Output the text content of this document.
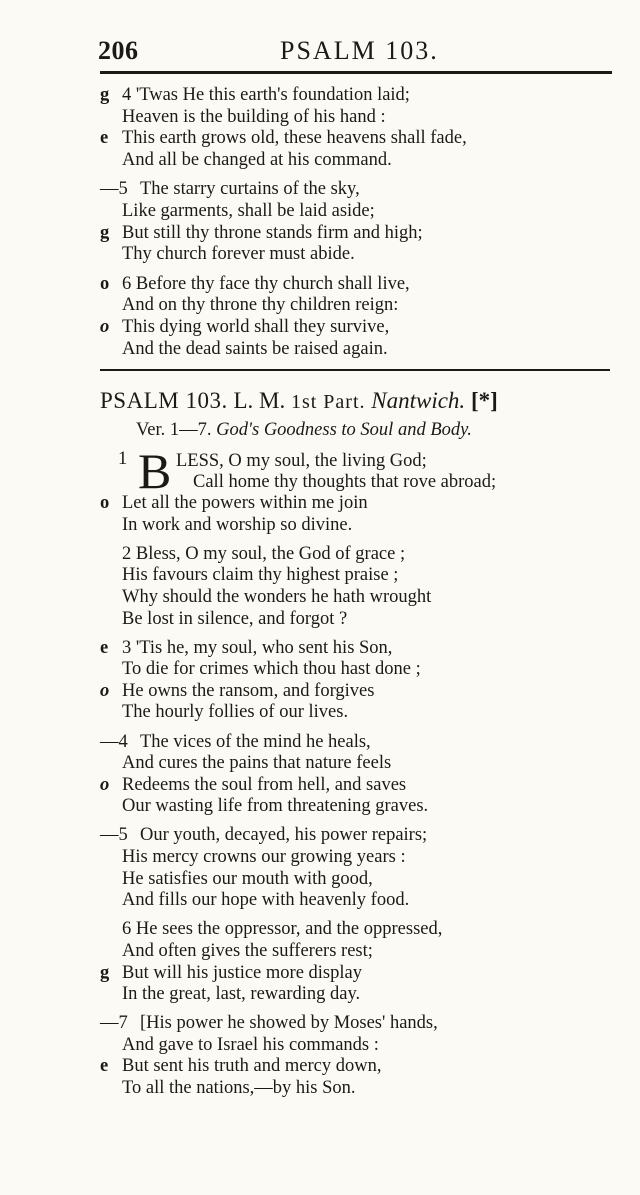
206	PSALM 103.
g 4 'Twas He this earth's foundation laid;
Heaven is the building of his hand :
e This earth grows old, these heavens shall fade,
And all be changed at his command.
—5 The starry curtains of the sky,
Like garments, shall be laid aside;
g But still thy throne stands firm and high;
Thy church forever must abide.
o 6 Before thy face thy church shall live,
And on thy throne thy children reign:
o This dying world shall they survive,
And the dead saints be raised again.
PSALM 103. L. M. 1st Part. Nantwich. [*]
Ver. 1—7. God's Goodness to Soul and Body.
1 B LESS, O my soul, the living God;
Call home thy thoughts that rove abroad;
o Let all the powers within me join
In work and worship so divine.
2 Bless, O my soul, the God of grace ;
His favours claim thy highest praise ;
Why should the wonders he hath wrought
Be lost in silence, and forgot ?
e 3 'Tis he, my soul, who sent his Son,
To die for crimes which thou hast done ;
o He owns the ransom, and forgives
The hourly follies of our lives.
—4 The vices of the mind he heals,
And cures the pains that nature feels
o Redeems the soul from hell, and saves
Our wasting life from threatening graves.
—5 Our youth, decayed, his power repairs;
His mercy crowns our growing years :
He satisfies our mouth with good,
And fills our hope with heavenly food.
6 He sees the oppressor, and the oppressed,
And often gives the sufferers rest;
g But will his justice more display
In the great, last, rewarding day.
—7 [His power he showed by Moses' hands,
And gave to Israel his commands :
e But sent his truth and mercy down,
To all the nations,—by his Son.
